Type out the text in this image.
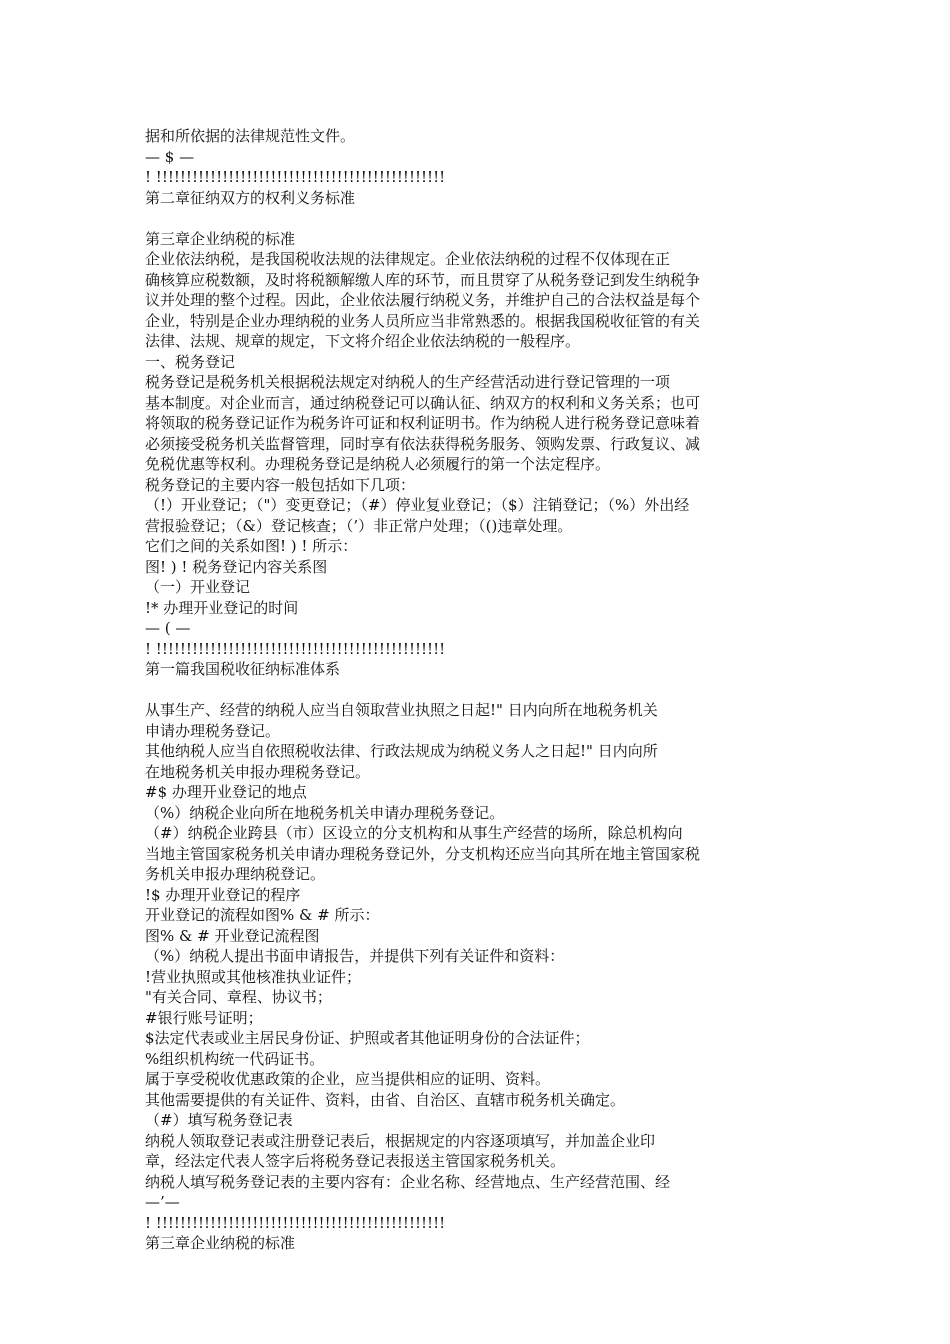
据和所依据的法律规范性文件。
— $ —
! !!!!!!!!!!!!!!!!!!!!!!!!!!!!!!!!!!!!!!!!!!!!!!!!
第二章征纳双方的权利义务标准
第三章企业纳税的标准
企业依法纳税，是我国税收法规的法律规定。企业依法纳税的过程不仅体现在正
确核算应税数额，及时将税额解缴人库的环节，而且贯穿了从税务登记到发生纳税争
议并处理的整个过程。因此，企业依法履行纳税义务，并维护自己的合法权益是每个
企业，特别是企业办理纳税的业务人员所应当非常熟悉的。根据我国税收征管的有关
法律、法规、规章的规定，下文将介绍企业依法纳税的一般程序。
一、税务登记
税务登记是税务机关根据税法规定对纳税人的生产经营活动进行登记管理的一项
基本制度。对企业而言，通过纳税登记可以确认征、纳双方的权利和义务关系；也可
将领取的税务登记证作为税务许可证和权利证明书。作为纳税人进行税务登记意味着
必须接受税务机关监督管理，同时享有依法获得税务服务、领购发票、行政复议、减
免税优惠等权利。办理税务登记是纳税人必须履行的第一个法定程序。
税务登记的主要内容一般包括如下几项：
（!）开业登记；（"）变更登记；（#）停业复业登记；（$）注销登记；（%）外出经
营报验登记；（&）登记核查；（’）非正常户处理；（()违章处理。
它们之间的关系如图! ) ! 所示：
图! ) ! 税务登记内容关系图
（一）开业登记
!* 办理开业登记的时间
— ( —
! !!!!!!!!!!!!!!!!!!!!!!!!!!!!!!!!!!!!!!!!!!!!!!!!
第一篇我国税收征纳标准体系
从事生产、经营的纳税人应当自领取营业执照之日起!" 日内向所在地税务机关
申请办理税务登记。
其他纳税人应当自依照税收法律、行政法规成为纳税义务人之日起!" 日内向所
在地税务机关申报办理税务登记。
#$ 办理开业登记的地点
（%）纳税企业向所在地税务机关申请办理税务登记。
（#）纳税企业跨县（市）区设立的分支机构和从事生产经营的场所，除总机构向
当地主管国家税务机关申请办理税务登记外，分支机构还应当向其所在地主管国家税
务机关申报办理纳税登记。
!$ 办理开业登记的程序
开业登记的流程如图% & # 所示：
图% & # 开业登记流程图
（%）纳税人提出书面申请报告，并提供下列有关证件和资料：
!营业执照或其他核准执业证件；
"有关合同、章程、协议书；
#银行账号证明；
$法定代表或业主居民身份证、护照或者其他证明身份的合法证件；
%组织机构统一代码证书。
属于享受税收优惠政策的企业，应当提供相应的证明、资料。
其他需要提供的有关证件、资料，由省、自治区、直辖市税务机关确定。
（#）填写税务登记表
纳税人领取登记表或注册登记表后，根据规定的内容逐项填写，并加盖企业印
章，经法定代表人签字后将税务登记表报送主管国家税务机关。
纳税人填写税务登记表的主要内容有：企业名称、经营地点、生产经营范围、经
—’—
! !!!!!!!!!!!!!!!!!!!!!!!!!!!!!!!!!!!!!!!!!!!!!!!!
第三章企业纳税的标准
